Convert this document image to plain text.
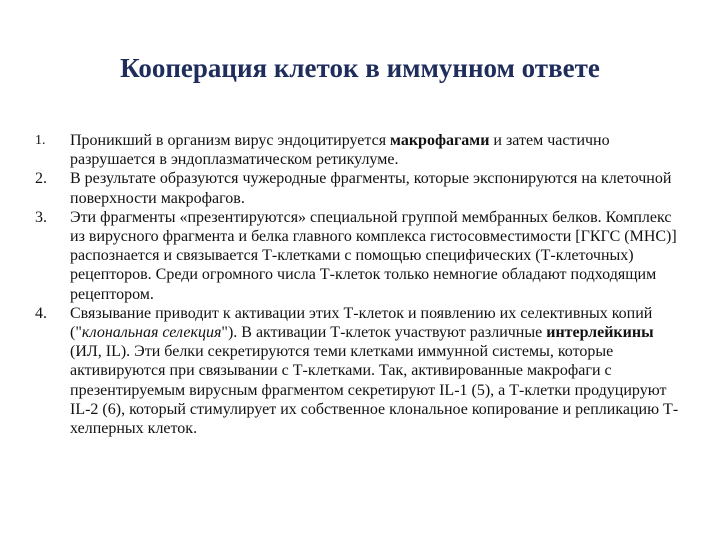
Кооперация клеток в иммунном ответе
1.	Проникший в организм вирус эндоцитируется макрофагами и затем частично разрушается в эндоплазматическом ретикулуме.
2.	В результате образуются чужеродные фрагменты, которые экспонируются на клеточной поверхности макрофагов.
3.	Эти фрагменты «презентируются» специальной группой мембранных белков. Комплекс из вирусного фрагмента и белка главного комплекса гистосовместимости [ГКГС (МНС)] распознается и связывается Т-клетками с помощью специфических (Т-клеточных) рецепторов. Среди огромного числа Т-клеток только немногие обладают подходящим рецептором.
4.	Связывание приводит к активации этих Т-клеток и появлению их селективных копий ("клональная селекция"). В активации Т-клеток участвуют различные интерлейкины (ИЛ, IL). Эти белки секретируются теми клетками иммунной системы, которые активируются при связывании с Т-клетками. Так, активированные макрофаги с презентируемым вирусным фрагментом секретируют IL-1 (5), а Т-клетки продуцируют IL-2 (6), который стимулирует их собственное клональное копирование и репликацию Т-хелперных клеток.
